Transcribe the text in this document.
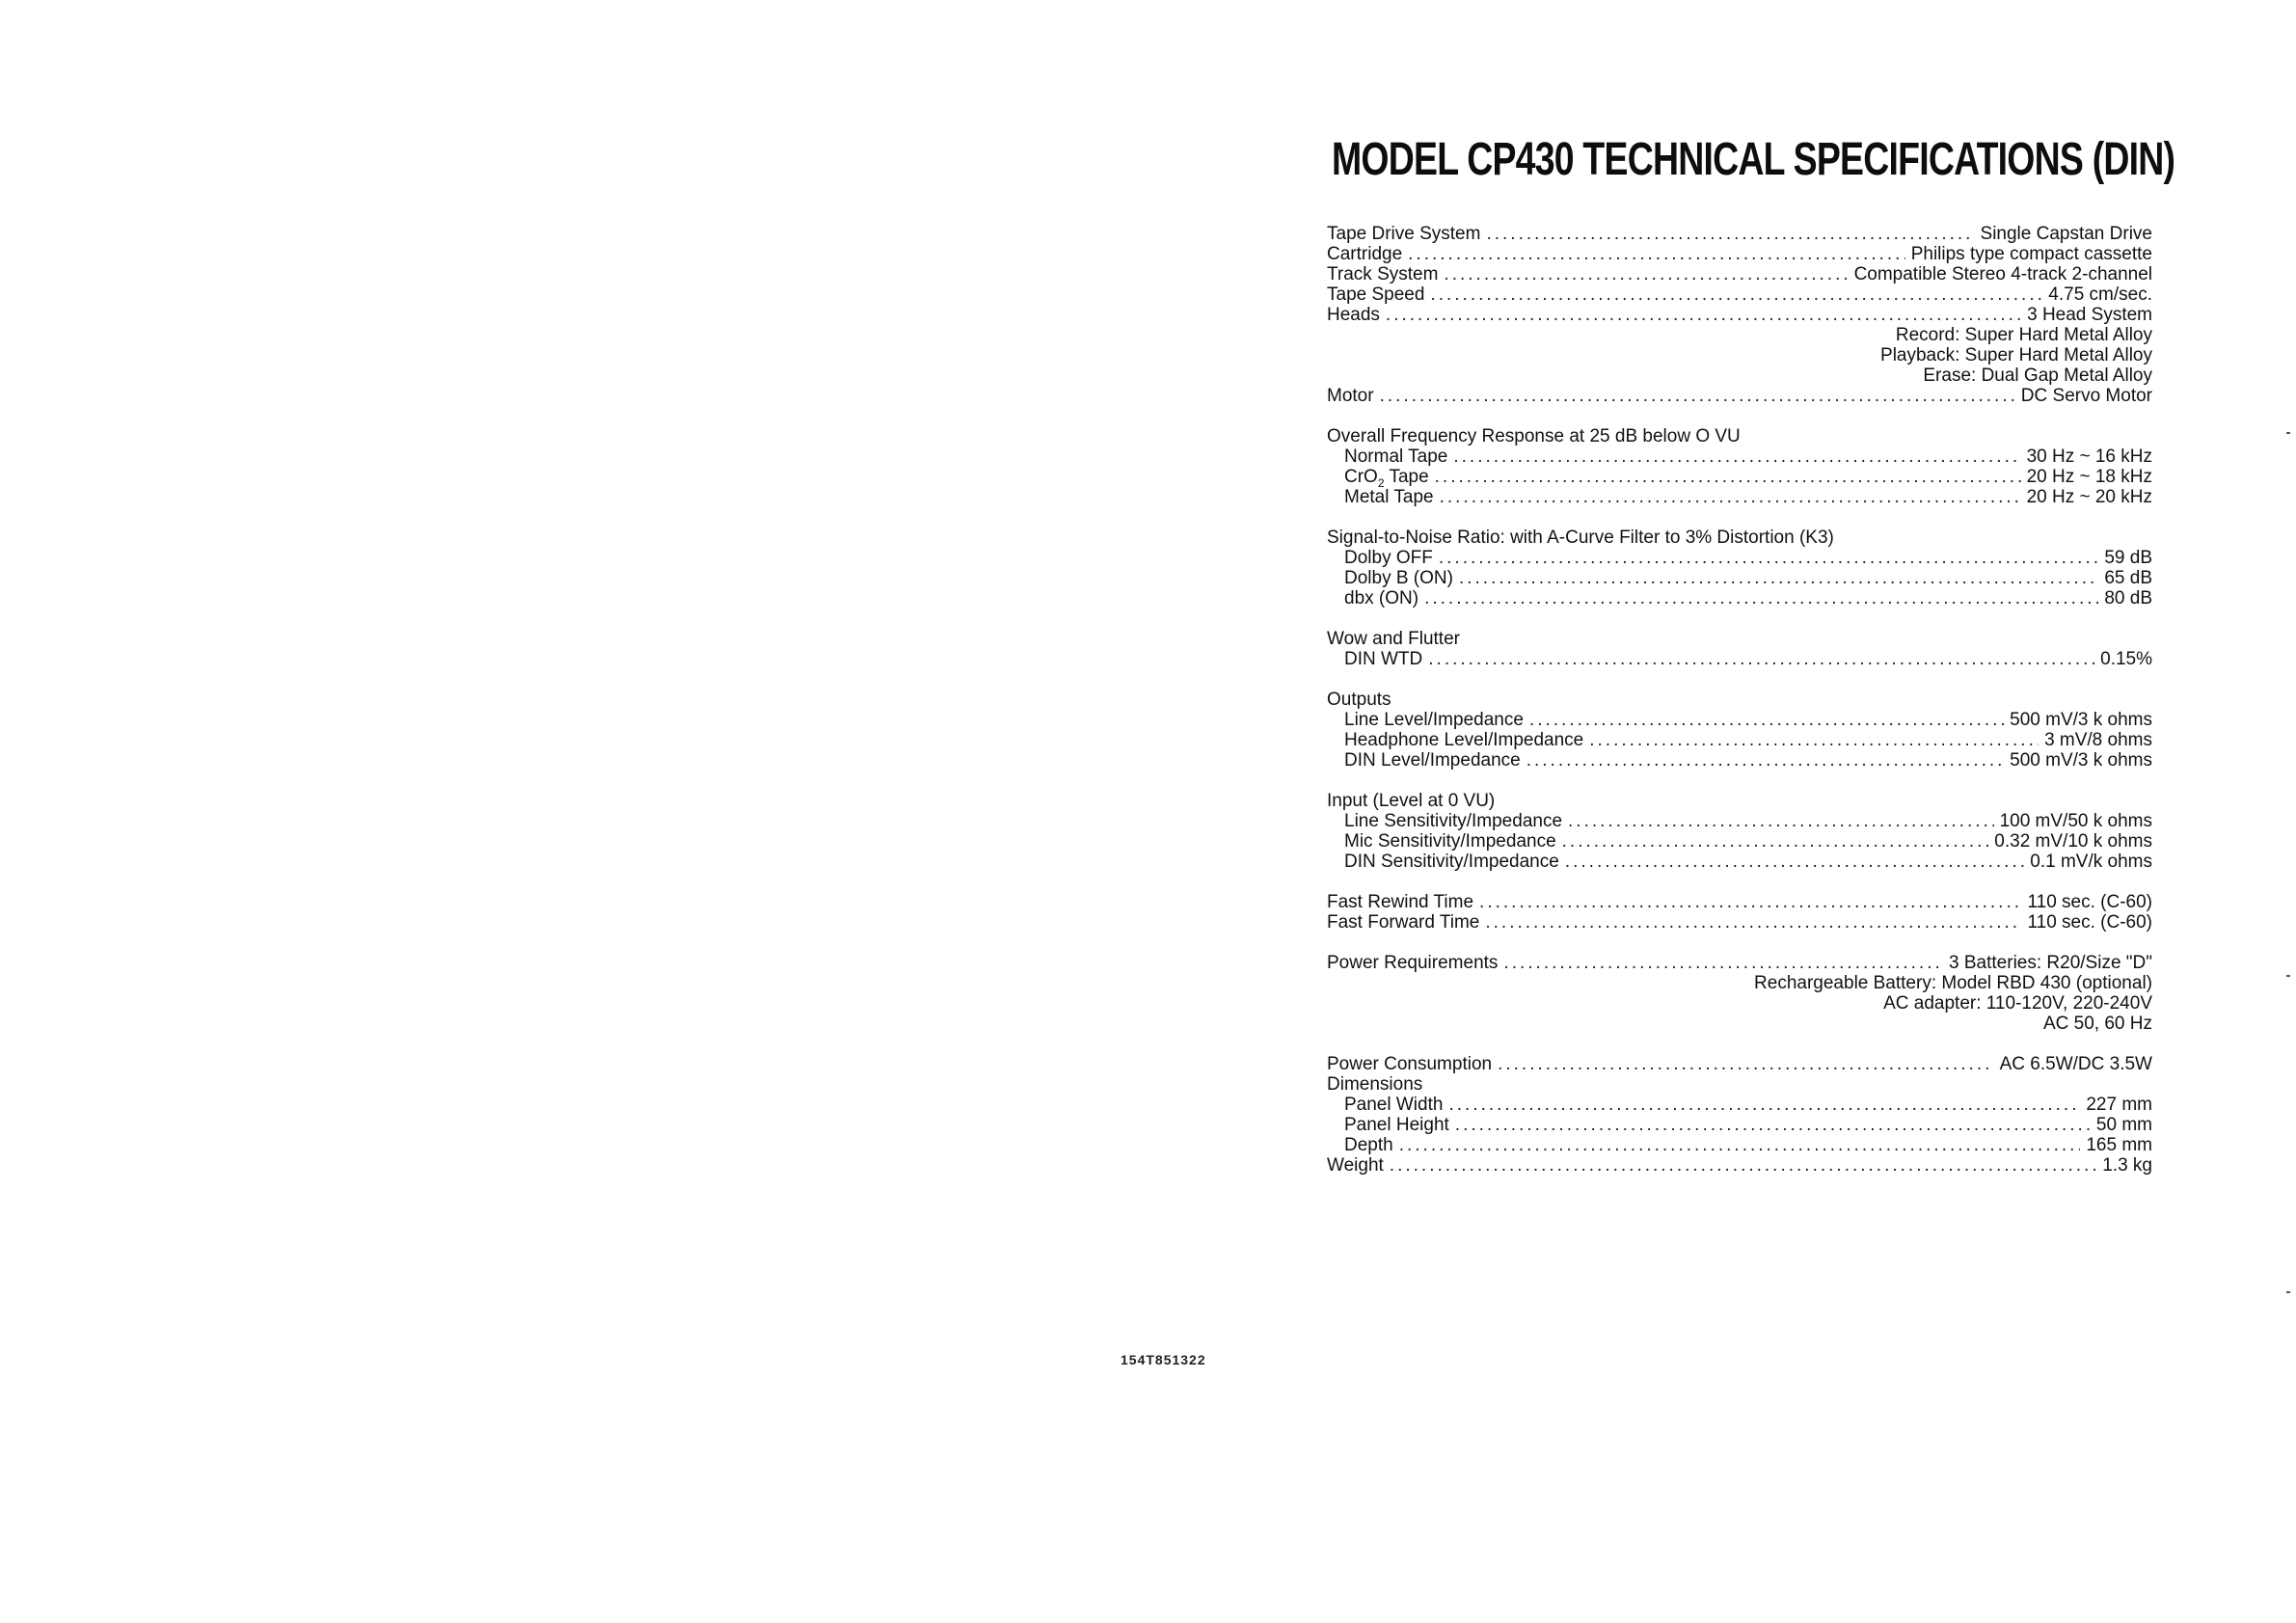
MODEL CP430 TECHNICAL SPECIFICATIONS (DIN)
Tape Drive System .....	Single Capstan Drive
Cartridge .....	Philips type compact cassette
Track System .....	Compatible Stereo 4-track 2-channel
Tape Speed .....	4.75 cm/sec.
Heads .....	3 Head System
Record: Super Hard Metal Alloy
Playback: Super Hard Metal Alloy
Erase: Dual Gap Metal Alloy
Motor .....	DC Servo Motor
Overall Frequency Response at 25 dB below O VU
Normal Tape .....	30 Hz ~ 16 kHz
CrO$_2$ Tape .....	20 Hz ~ 18 kHz
Metal Tape .....	20 Hz ~ 20 kHz
Signal-to-Noise Ratio: with A-Curve Filter to 3% Distortion (K3)
Dolby OFF .....	59 dB
Dolby B (ON) .....	65 dB
dbx (ON) .....	80 dB
Wow and Flutter
DIN WTD .....	0.15%
Outputs
Line Level/Impedance .....	500 mV/3 k ohms
Headphone Level/Impedance .....	3 mV/8 ohms
DIN Level/Impedance .....	500 mV/3 k ohms
Input (Level at 0 VU)
Line Sensitivity/Impedance .....	100 mV/50 k ohms
Mic Sensitivity/Impedance .....	0.32 mV/10 k ohms
DIN Sensitivity/Impedance .....	0.1 mV/k ohms
Fast Rewind Time .....	110 sec. (C-60)
Fast Forward Time .....	110 sec. (C-60)
Power Requirements .....	3 Batteries: R20/Size "D"
Rechargeable Battery: Model RBD 430 (optional)
AC adapter: 110-120V, 220-240V
AC 50, 60 Hz
Power Consumption .....	AC 6.5W/DC 3.5W
Dimensions
Panel Width .....	227 mm
Panel Height .....	50 mm
Depth .....	165 mm
Weight .....	1.3 kg
154T851322
